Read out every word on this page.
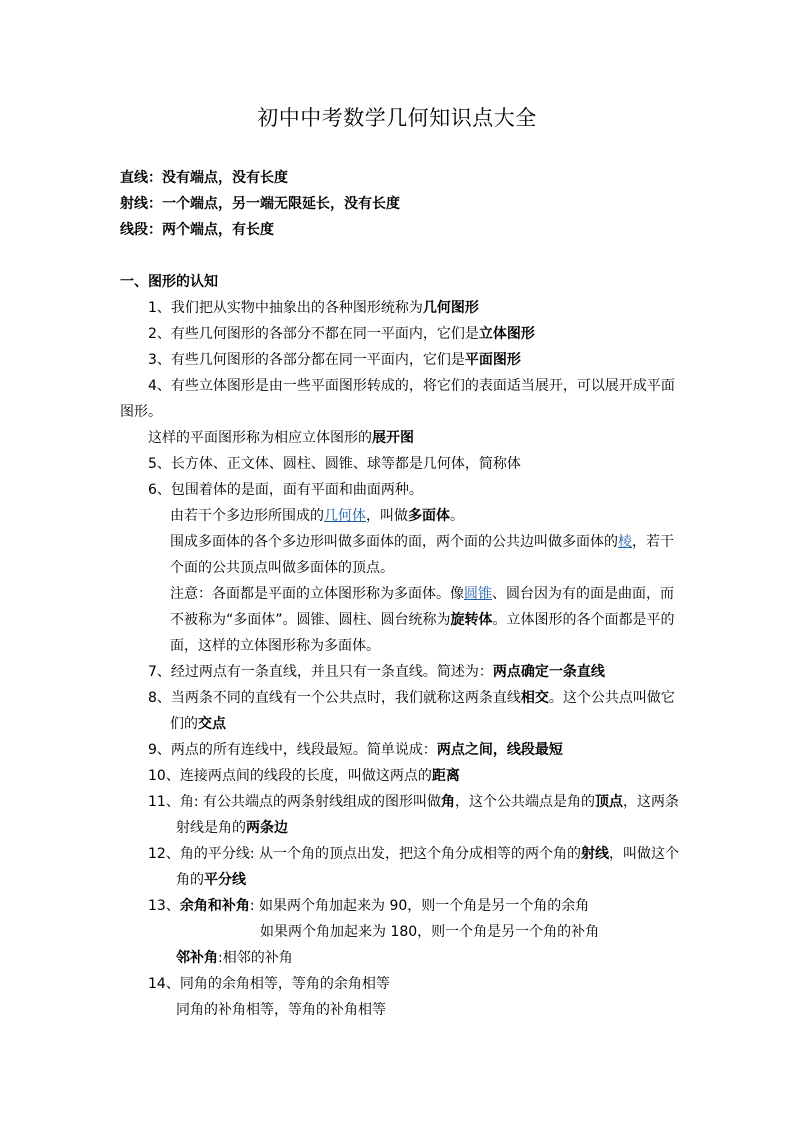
初中中考数学几何知识点大全
直线：没有端点，没有长度
射线：一个端点，另一端无限延长，没有长度
线段：两个端点，有长度
一、图形的认知
1、我们把从实物中抽象出的各种图形统称为几何图形
2、有些几何图形的各部分不都在同一平面内，它们是立体图形
3、有些几何图形的各部分都在同一平面内，它们是平面图形
4、有些立体图形是由一些平面图形转成的，将它们的表面适当展开，可以展开成平面
图形。
这样的平面图形称为相应立体图形的展开图
5、长方体、正文体、圆柱、圆锥、球等都是几何体，简称体
6、包围着体的是面，面有平面和曲面两种。
由若干个多边形所围成的几何体，叫做多面体。
围成多面体的各个多边形叫做多面体的面，两个面的公共边叫做多面体的棱，若干
个面的公共顶点叫做多面体的顶点。
注意：各面都是平面的立体图形称为多面体。像圆锥、圆台因为有的面是曲面，而
不被称为“多面体”。圆锥、圆柱、圆台统称为旋转体。立体图形的各个面都是平的
面，这样的立体图形称为多面体。
7、经过两点有一条直线，并且只有一条直线。简述为：两点确定一条直线
8、当两条不同的直线有一个公共点时，我们就称这两条直线相交。这个公共点叫做它
们的交点
9、两点的所有连线中，线段最短。简单说成：两点之间，线段最短
10、连接两点间的线段的长度，叫做这两点的距离
11、角: 有公共端点的两条射线组成的图形叫做角，这个公共端点是角的顶点，这两条
射线是角的两条边
12、角的平分线: 从一个角的顶点出发，把这个角分成相等的两个角的射线，叫做这个
角的平分线
13、余角和补角: 如果两个角加起来为 90，则一个角是另一个角的余角
如果两个角加起来为 180，则一个角是另一个角的补角
邻补角:相邻的补角
14、同角的余角相等，等角的余角相等
同角的补角相等，等角的补角相等
